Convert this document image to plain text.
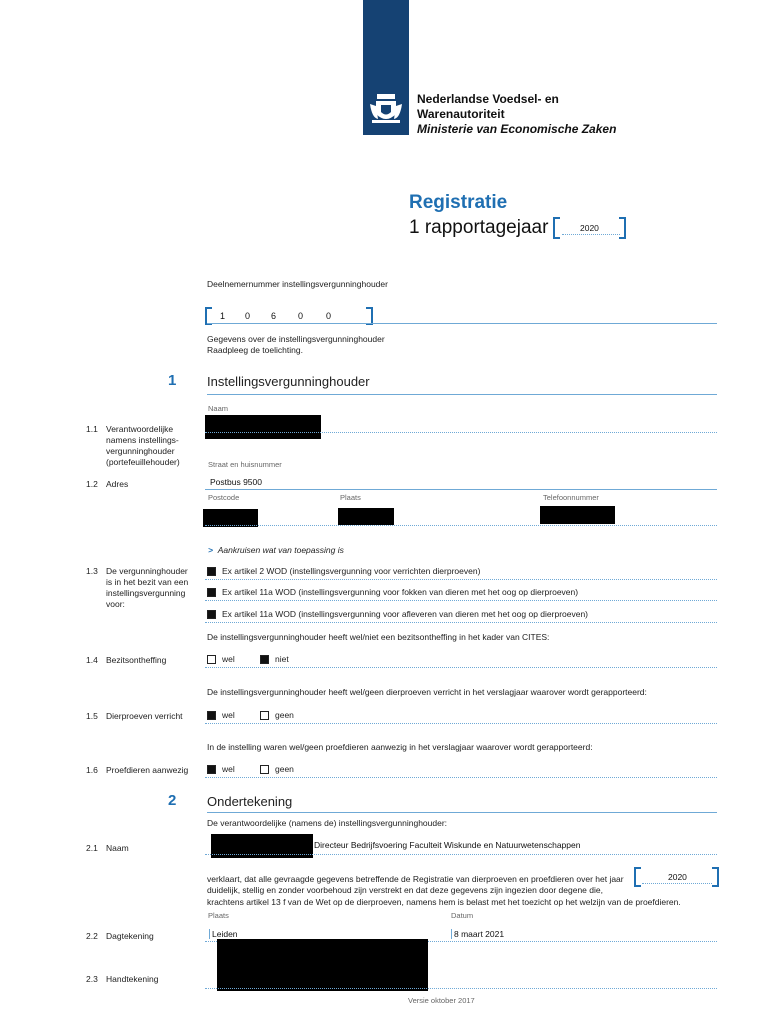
Nederlandse Voedsel- en
Warenautoriteit
Ministerie van Economische Zaken
Registratie
1 rapportagejaar	2020
Deelnemernummer instellingsvergunninghouder
1 0 6 0	0
Gegevens over de instellingsvergunninghouder
Raadpleeg de toelichting.
1 Instellingsvergunninghouder
1.1 Verantwoordelijke
namens instellings-
vergunninghouder
(portefeuillehouder)
Naam
1.2 Adres
Straat en huisnummer
Postbus 9500
Postcode	Plaats	Telefoonnummer
> Aankruisen wat van toepassing is
1.3 De vergunninghouder
is in het bezit van een
instellingsvergunning
voor:
Ex artikel 2 WOD (instellingsvergunning voor verrichten dierproeven)
Ex artikel 11a WOD (instellingsvergunning voor fokken van dieren met het oog op dierproeven)
Ex artikel 11a WOD (instellingsvergunning voor afleveren van dieren met het oog op dierproeven)
De instellingsvergunninghouder heeft wel/niet een bezitsontheffing in het kader van CITES:
1.4 Bezitsontheffing	wel	niet
De instellingsvergunninghouder heeft wel/geen dierproeven verricht in het verslagjaar waarover wordt gerapporteerd:
1.5 Dierproeven verricht	wel	geen
In de instelling waren wel/geen proefdieren aanwezig in het verslagjaar waarover wordt gerapporteerd:
1.6 Proefdieren aanwezig	wel	geen
2 Ondertekening
De verantwoordelijke (namens de) instellingsvergunninghouder:
2.1 Naam	Directeur Bedrijfsvoering Faculteit Wiskunde en Natuurwetenschappen
verklaart, dat alle gevraagde gegevens betreffende de Registratie van dierproeven en proefdieren over het jaar	2020
duidelijk, stellig en zonder voorbehoud zijn verstrekt en dat deze gegevens zijn ingezien door degene die,
krachtens artikel 13 f van de Wet op de dierproeven, namens hem is belast met het toezicht op het welzijn van de proefdieren.
Plaats	Datum
2.2 Dagtekening	Leiden	8 maart 2021
2.3 Handtekening
Versie oktober 2017
